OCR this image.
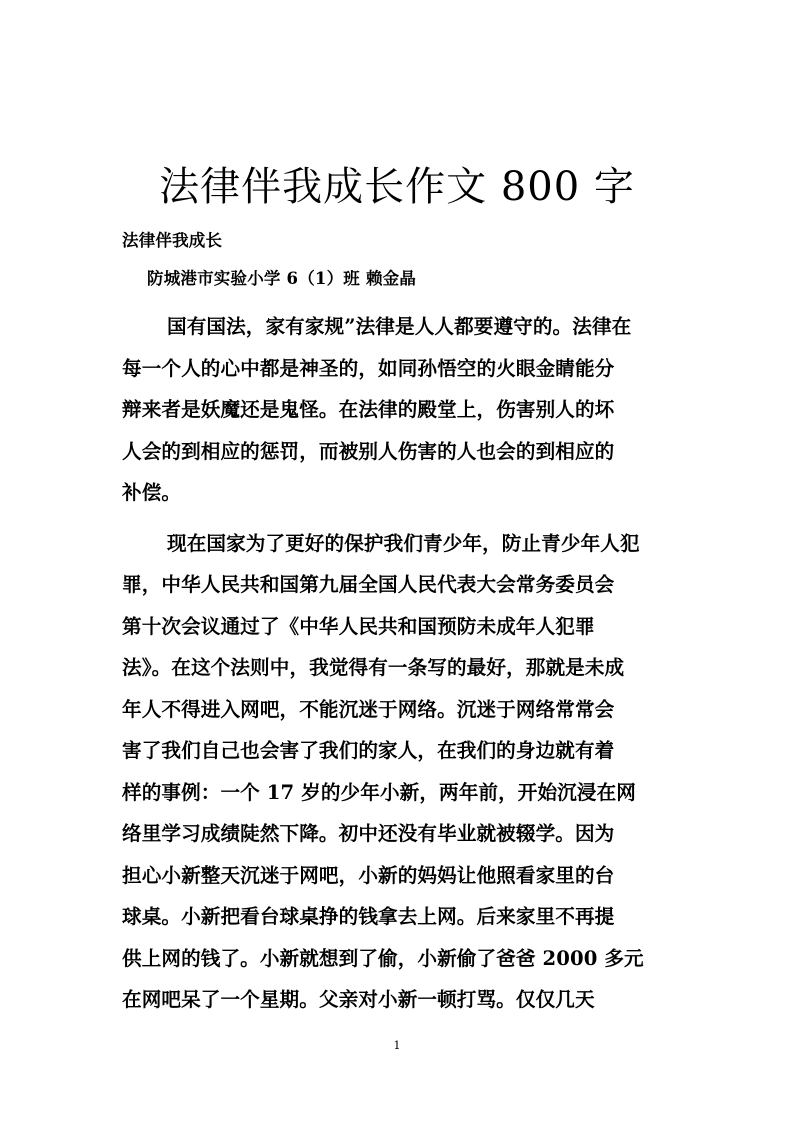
法律伴我成长作文 800 字
法律伴我成长
防城港市实验小学 6（1）班 赖金晶

国有国法，家有家规”法律是人人都要遵守的。法律在
每一个人的心中都是神圣的，如同孙悟空的火眼金睛能分
辩来者是妖魔还是鬼怪。在法律的殿堂上，伤害别人的坏
人会的到相应的惩罚，而被别人伤害的人也会的到相应的
补偿。

现在国家为了更好的保护我们青少年，防止青少年人犯
罪，中华人民共和国第九届全国人民代表大会常务委员会
第十次会议通过了《中华人民共和国预防未成年人犯罪
法》。在这个法则中，我觉得有一条写的最好，那就是未成
年人不得进入网吧，不能沉迷于网络。沉迷于网络常常会
害了我们自己也会害了我们的家人，在我们的身边就有着
样的事例：一个 17 岁的少年小新，两年前，开始沉浸在网
络里学习成绩陡然下降。初中还没有毕业就被辍学。因为
担心小新整天沉迷于网吧，小新的妈妈让他照看家里的台
球桌。小新把看台球桌挣的钱拿去上网。后来家里不再提
供上网的钱了。小新就想到了偷，小新偷了爸爸 2000 多元
在网吧呆了一个星期。父亲对小新一顿打骂。仅仅几天

1
